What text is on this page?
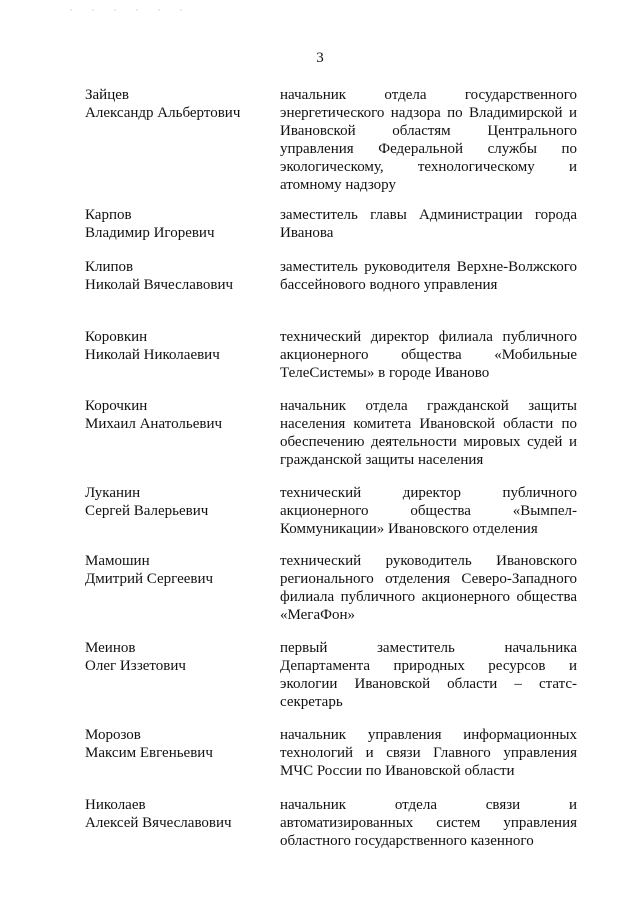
3
Зайцев
Александр Альбертович
начальник отдела государственного энергетического надзора по Владимирской и Ивановской областям Центрального управления Федеральной службы по экологическому, технологическому и атомному надзору
Карпов
Владимир Игоревич
заместитель главы Администрации города Иванова
Клипов
Николай Вячеславович
заместитель руководителя Верхне-Волжского бассейнового водного управления
Коровкин
Николай Николаевич
технический директор филиала публичного акционерного общества «Мобильные ТелеСистемы» в городе Иваново
Корочкин
Михаил Анатольевич
начальник отдела гражданской защиты населения комитета Ивановской области по обеспечению деятельности мировых судей и гражданской защиты населения
Луканин
Сергей Валерьевич
технический директор публичного акционерного общества «Вымпел-Коммуникации» Ивановского отделения
Мамошин
Дмитрий Сергеевич
технический руководитель Ивановского регионального отделения Северо-Западного филиала публичного акционерного общества «МегаФон»
Меинов
Олег Иззетович
первый заместитель начальника Департамента природных ресурсов и экологии Ивановской области – статс-секретарь
Морозов
Максим Евгеньевич
начальник управления информационных технологий и связи Главного управления МЧС России по Ивановской области
Николаев
Алексей Вячеславович
начальник отдела связи и автоматизированных систем управления областного государственного казенного
